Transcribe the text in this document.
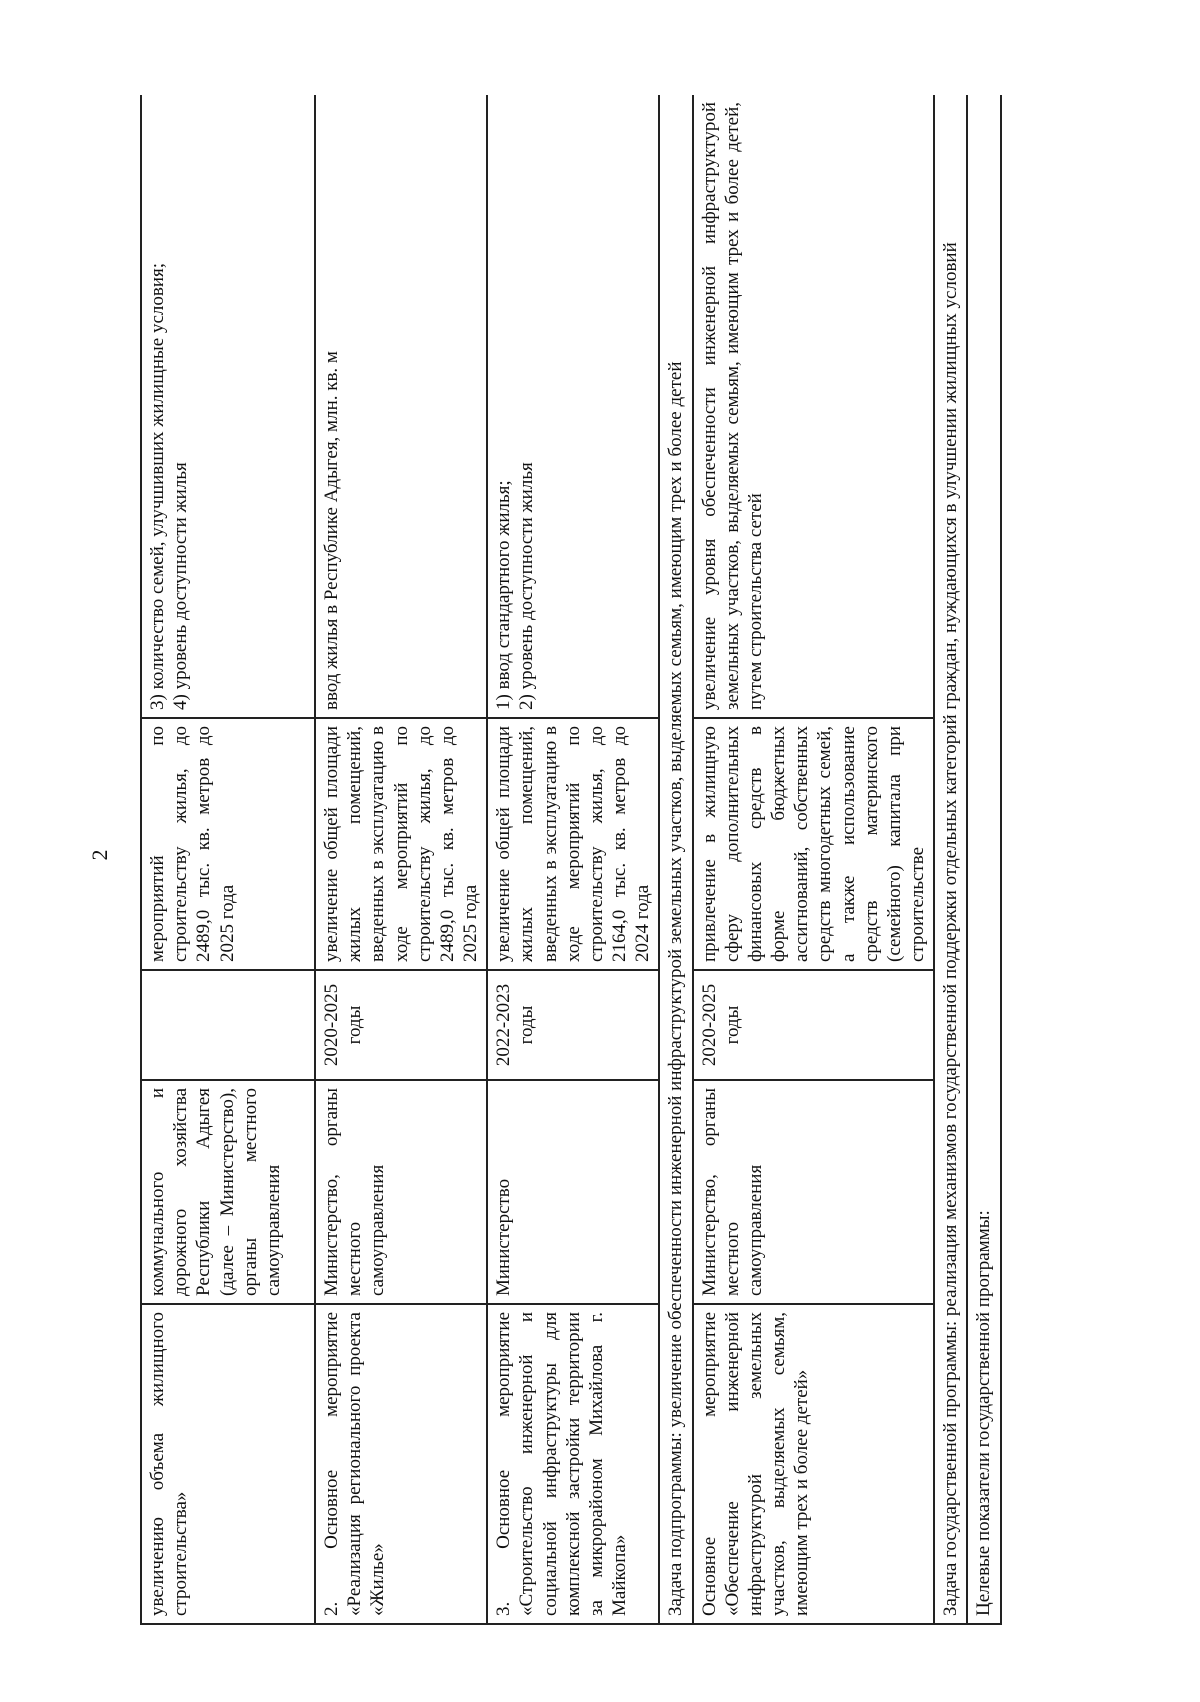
2
увеличению объема жилищного строительства»	коммунального и дорожного хозяйства Республики Адыгея (далее – Министерство), органы местного самоуправления		мероприятий по строительству жилья, до 2489,0 тыс. кв. метров до 2025 года	3) количество семей, улучшивших жилищные условия; 4) уровень доступности жилья

2. Основное мероприятие «Реализация регионального проекта «Жилье»	Министерство, органы местного самоуправления	2020-2025 годы	увеличение общей площади жилых помещений, введенных в эксплуатацию в ходе мероприятий по строительству жилья, до 2489,0 тыс. кв. метров до 2025 года	ввод жилья в Республике Адыгея, млн. кв. м

3. Основное мероприятие «Строительство инженерной и социальной инфраструктуры для комплексной застройки территории за микрорайоном Михайлова г. Майкопа»	Министерство	2022-2023 годы	увеличение общей площади жилых помещений, введенных в эксплуатацию в ходе мероприятий по строительству жилья, до 2164,0 тыс. кв. метров до 2024 года	1) ввод стандартного жилья; 2) уровень доступности жилья

Задача подпрограммы: увеличение обеспеченности инженерной инфраструктурой земельных участков, выделяемых семьям, имеющим трех и более детей				
Основное мероприятие «Обеспечение инженерной инфраструктурой земельных участков, выделяемых семьям, имеющим трех и более детей»	Министерство, органы местного самоуправления	2020-2025 годы	привлечение в жилищную сферу дополнительных финансовых средств в форме бюджетных ассигнований, собственных средств многодетных семей, а также использование средств материнского (семейного) капитала при строительстве	увеличение уровня обеспеченности инженерной инфраструктурой земельных участков, выделяемых семьям, имеющим трех и более детей, путем строительства сетей
Задача государственной программы: реализация механизмов государственной поддержки отдельных категорий граждан, нуждающихся в улучшении жилищных условий				
Целевые показатели государственной программы:				
